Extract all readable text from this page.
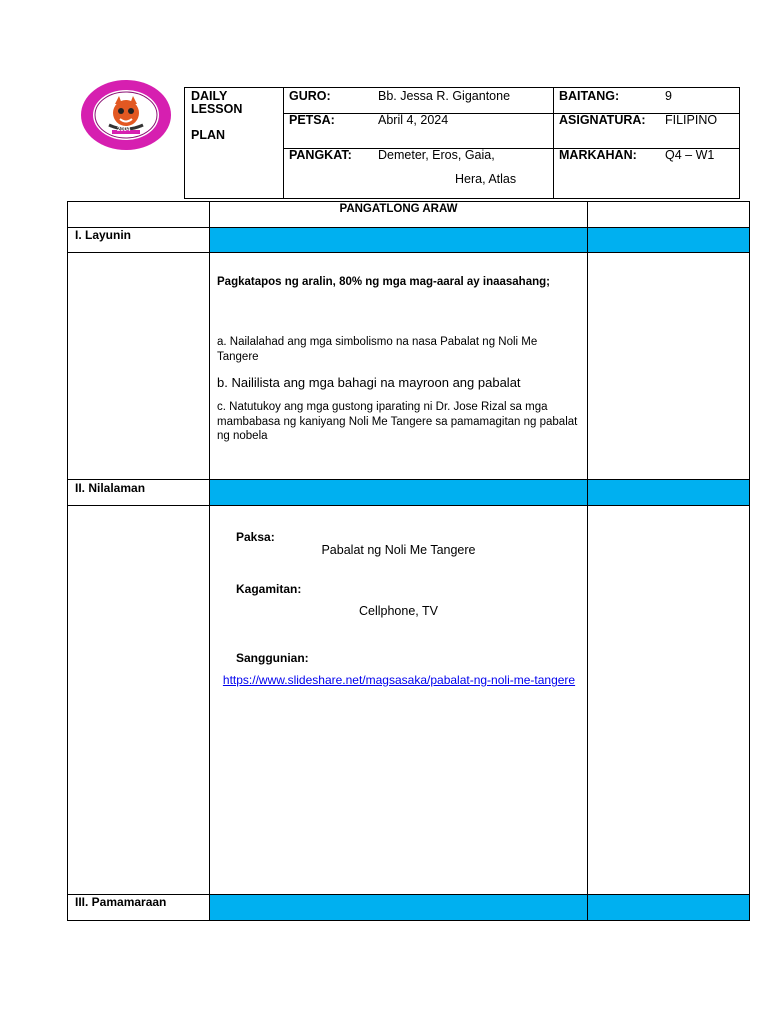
2004
DAILY
LESSON
PLAN
GURO:	Bb. Jessa R. Gigantone
PETSA:	Abril 4, 2024
PANGKAT: Demeter, Eros, Gaia,
Hera, Atlas
BAITANG:	9
ASIGNATURA: FILIPINO
MARKAHAN: Q4 – W1
PANGATLONG ARAW
I. Layunin
Pagkatapos ng aralin, 80% ng mga mag-aaral ay inaasahang;
a. Nailalahad ang mga simbolismo na nasa Pabalat ng Noli Me Tangere
b. Naililista ang mga bahagi na mayroon ang pabalat
c. Natutukoy ang mga gustong iparating ni Dr. Jose Rizal sa mga mambabasa ng kaniyang Noli Me Tangere sa pamamagitan ng pabalat ng nobela
II. Nilalaman
Paksa:
Pabalat ng Noli Me Tangere
Kagamitan:
Cellphone, TV
Sanggunian:
https://www.slideshare.net/magsasaka/pabalat-ng-noli-me-tangere
III. Pamamaraan
